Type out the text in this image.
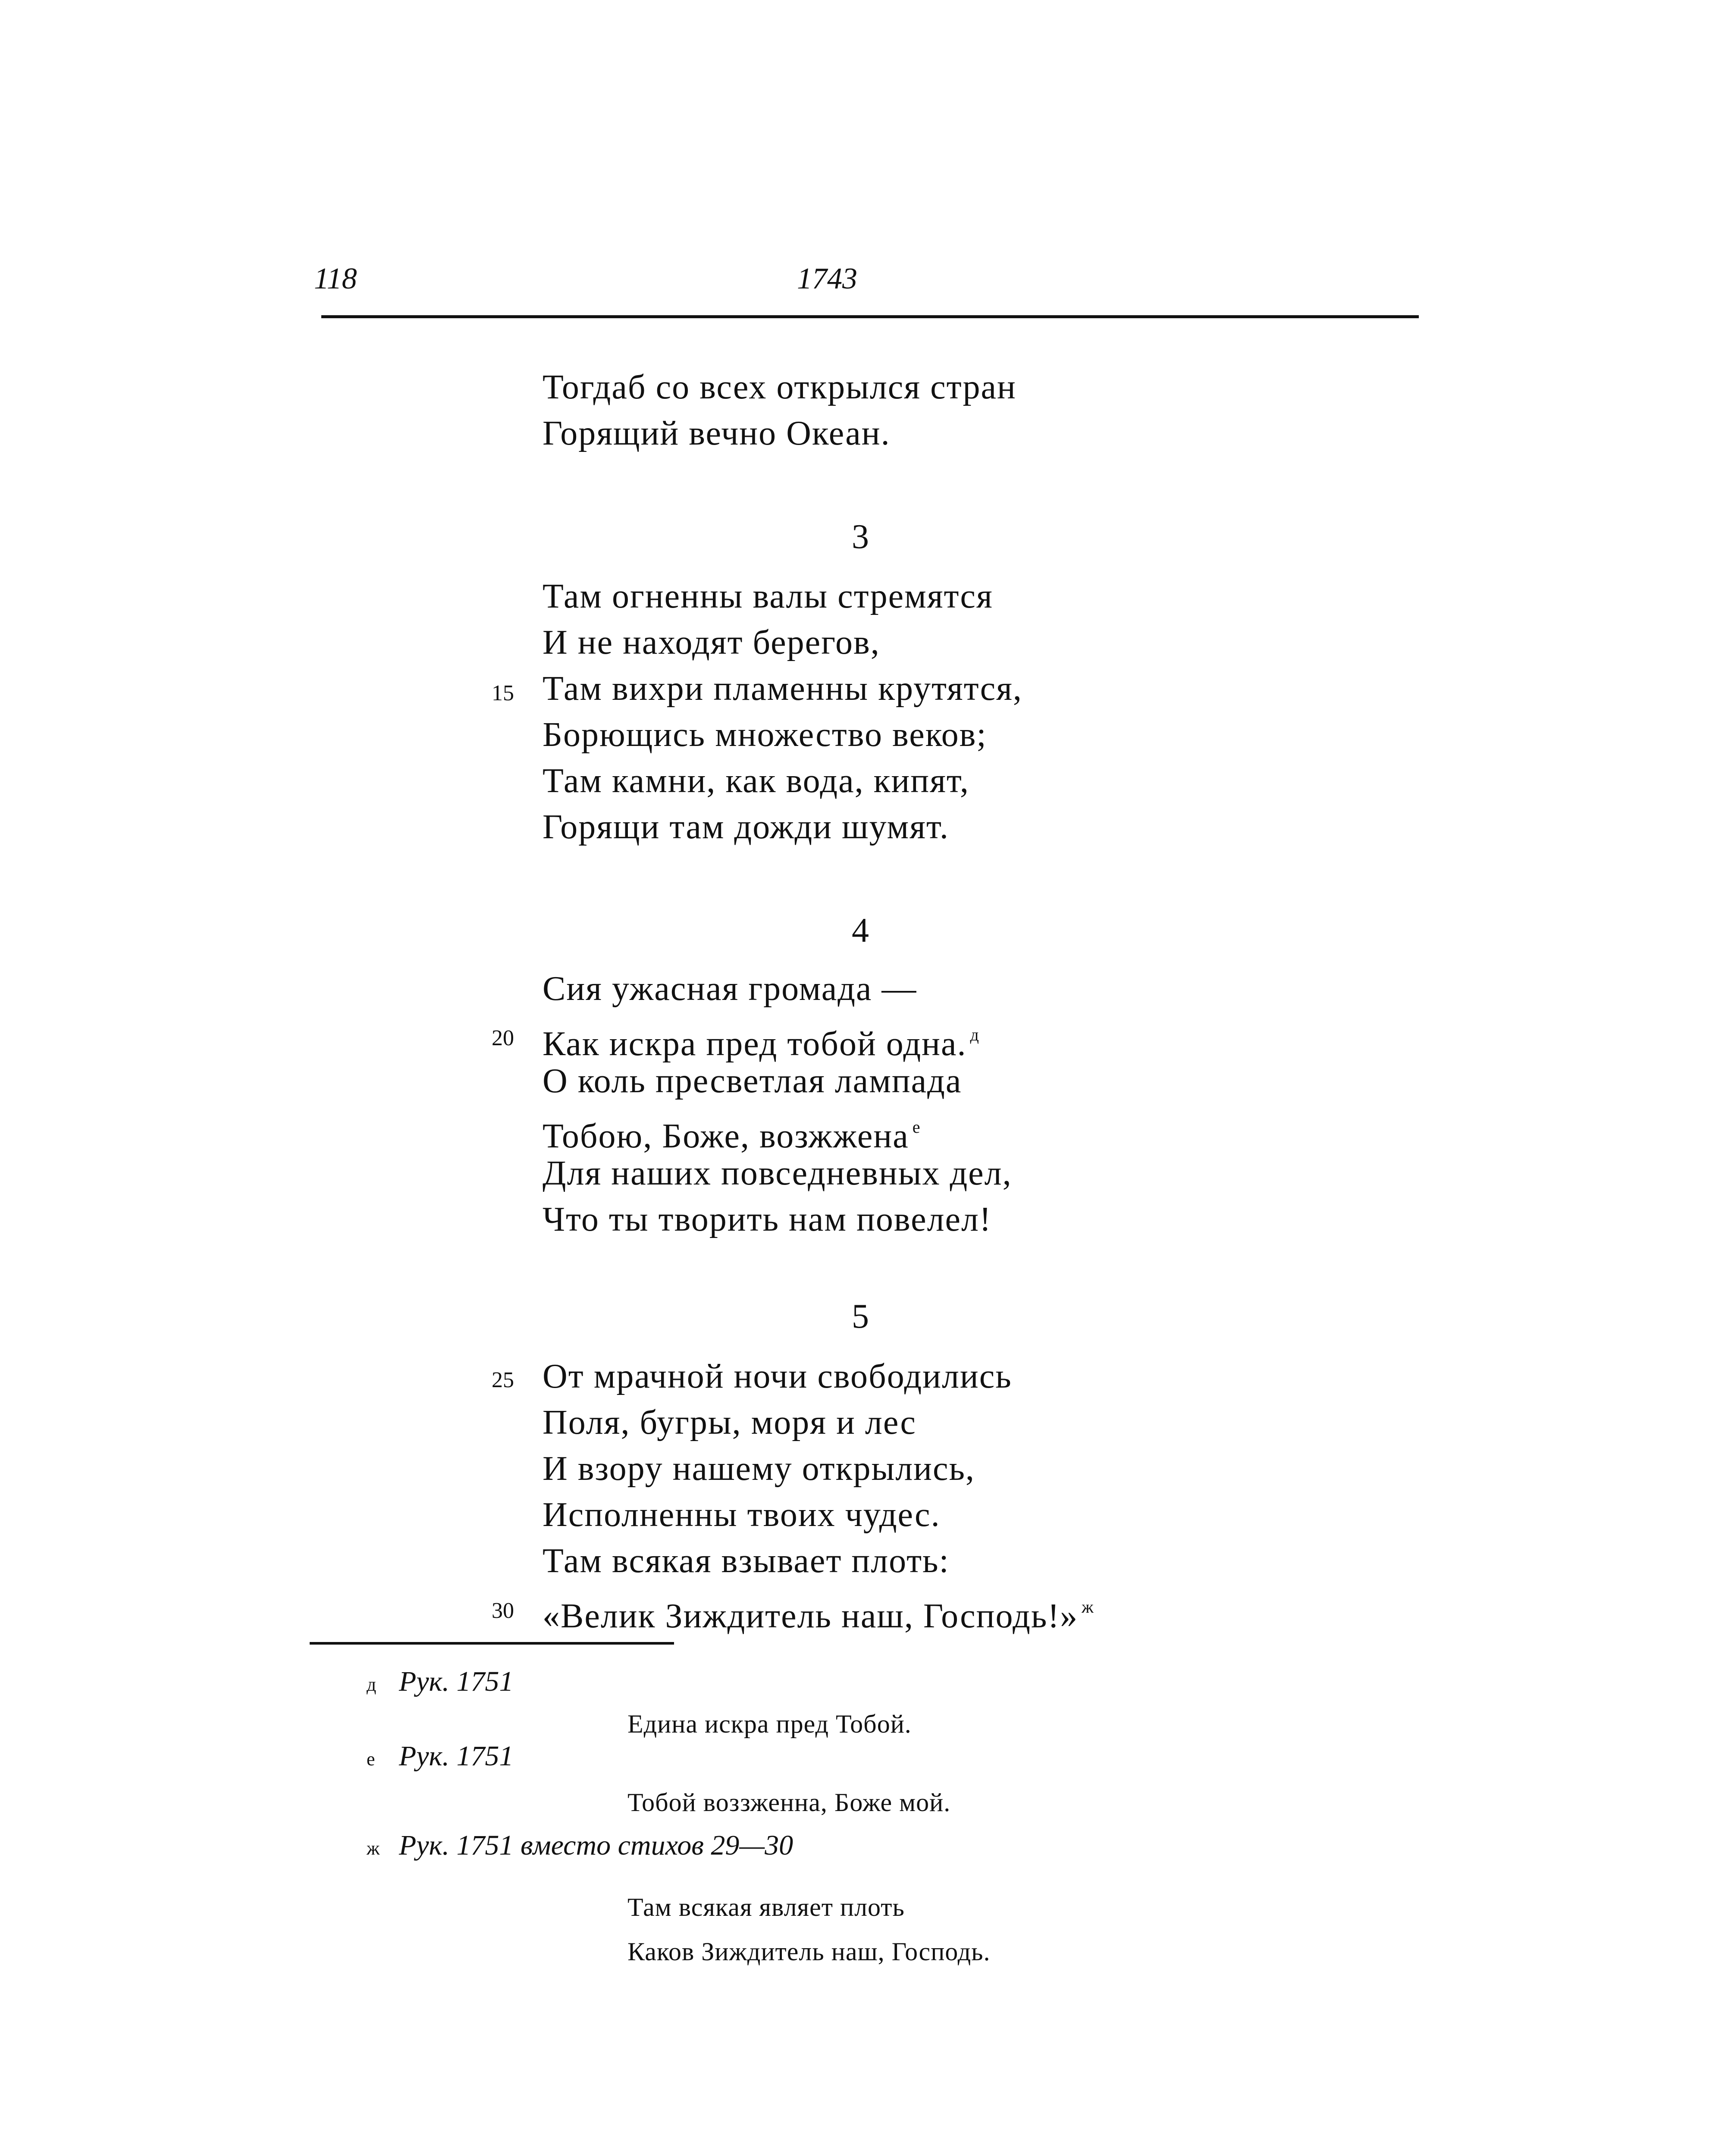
118	1743
Тогдаб со всех открылся стран
Горящий вечно Океан.
3
Там огненны валы стремятся
И не находят берегов,
15 Там вихри пламенны крутятся,
Борющись множество веков;
Там камни, как вода, кипят,
Горящи там дожди шумят.
4
Сия ужасная громада —
20 Как искра пред тобой одна. $^д$
О коль пресветлая лампада
Тобою, Боже, возжжена $^е$
Для наших повседневных дел,
Что ты творить нам повелел!
5
25 От мрачной ночи свободились
Поля, бугры, моря и лес
И взору нашему открылись,
Исполненны твоих чудес.
Там всякая взывает плоть:
30 «Велик Зиждитель наш, Господь!» $^ж$
д Рук. 1751
Едина искра пред Тобой.
е Рук. 1751
Тобой воззженна, Боже мой.
ж Рук. 1751 вместо стихов 29—30
Там всякая являет плоть
Каков Зиждитель наш, Господь.
